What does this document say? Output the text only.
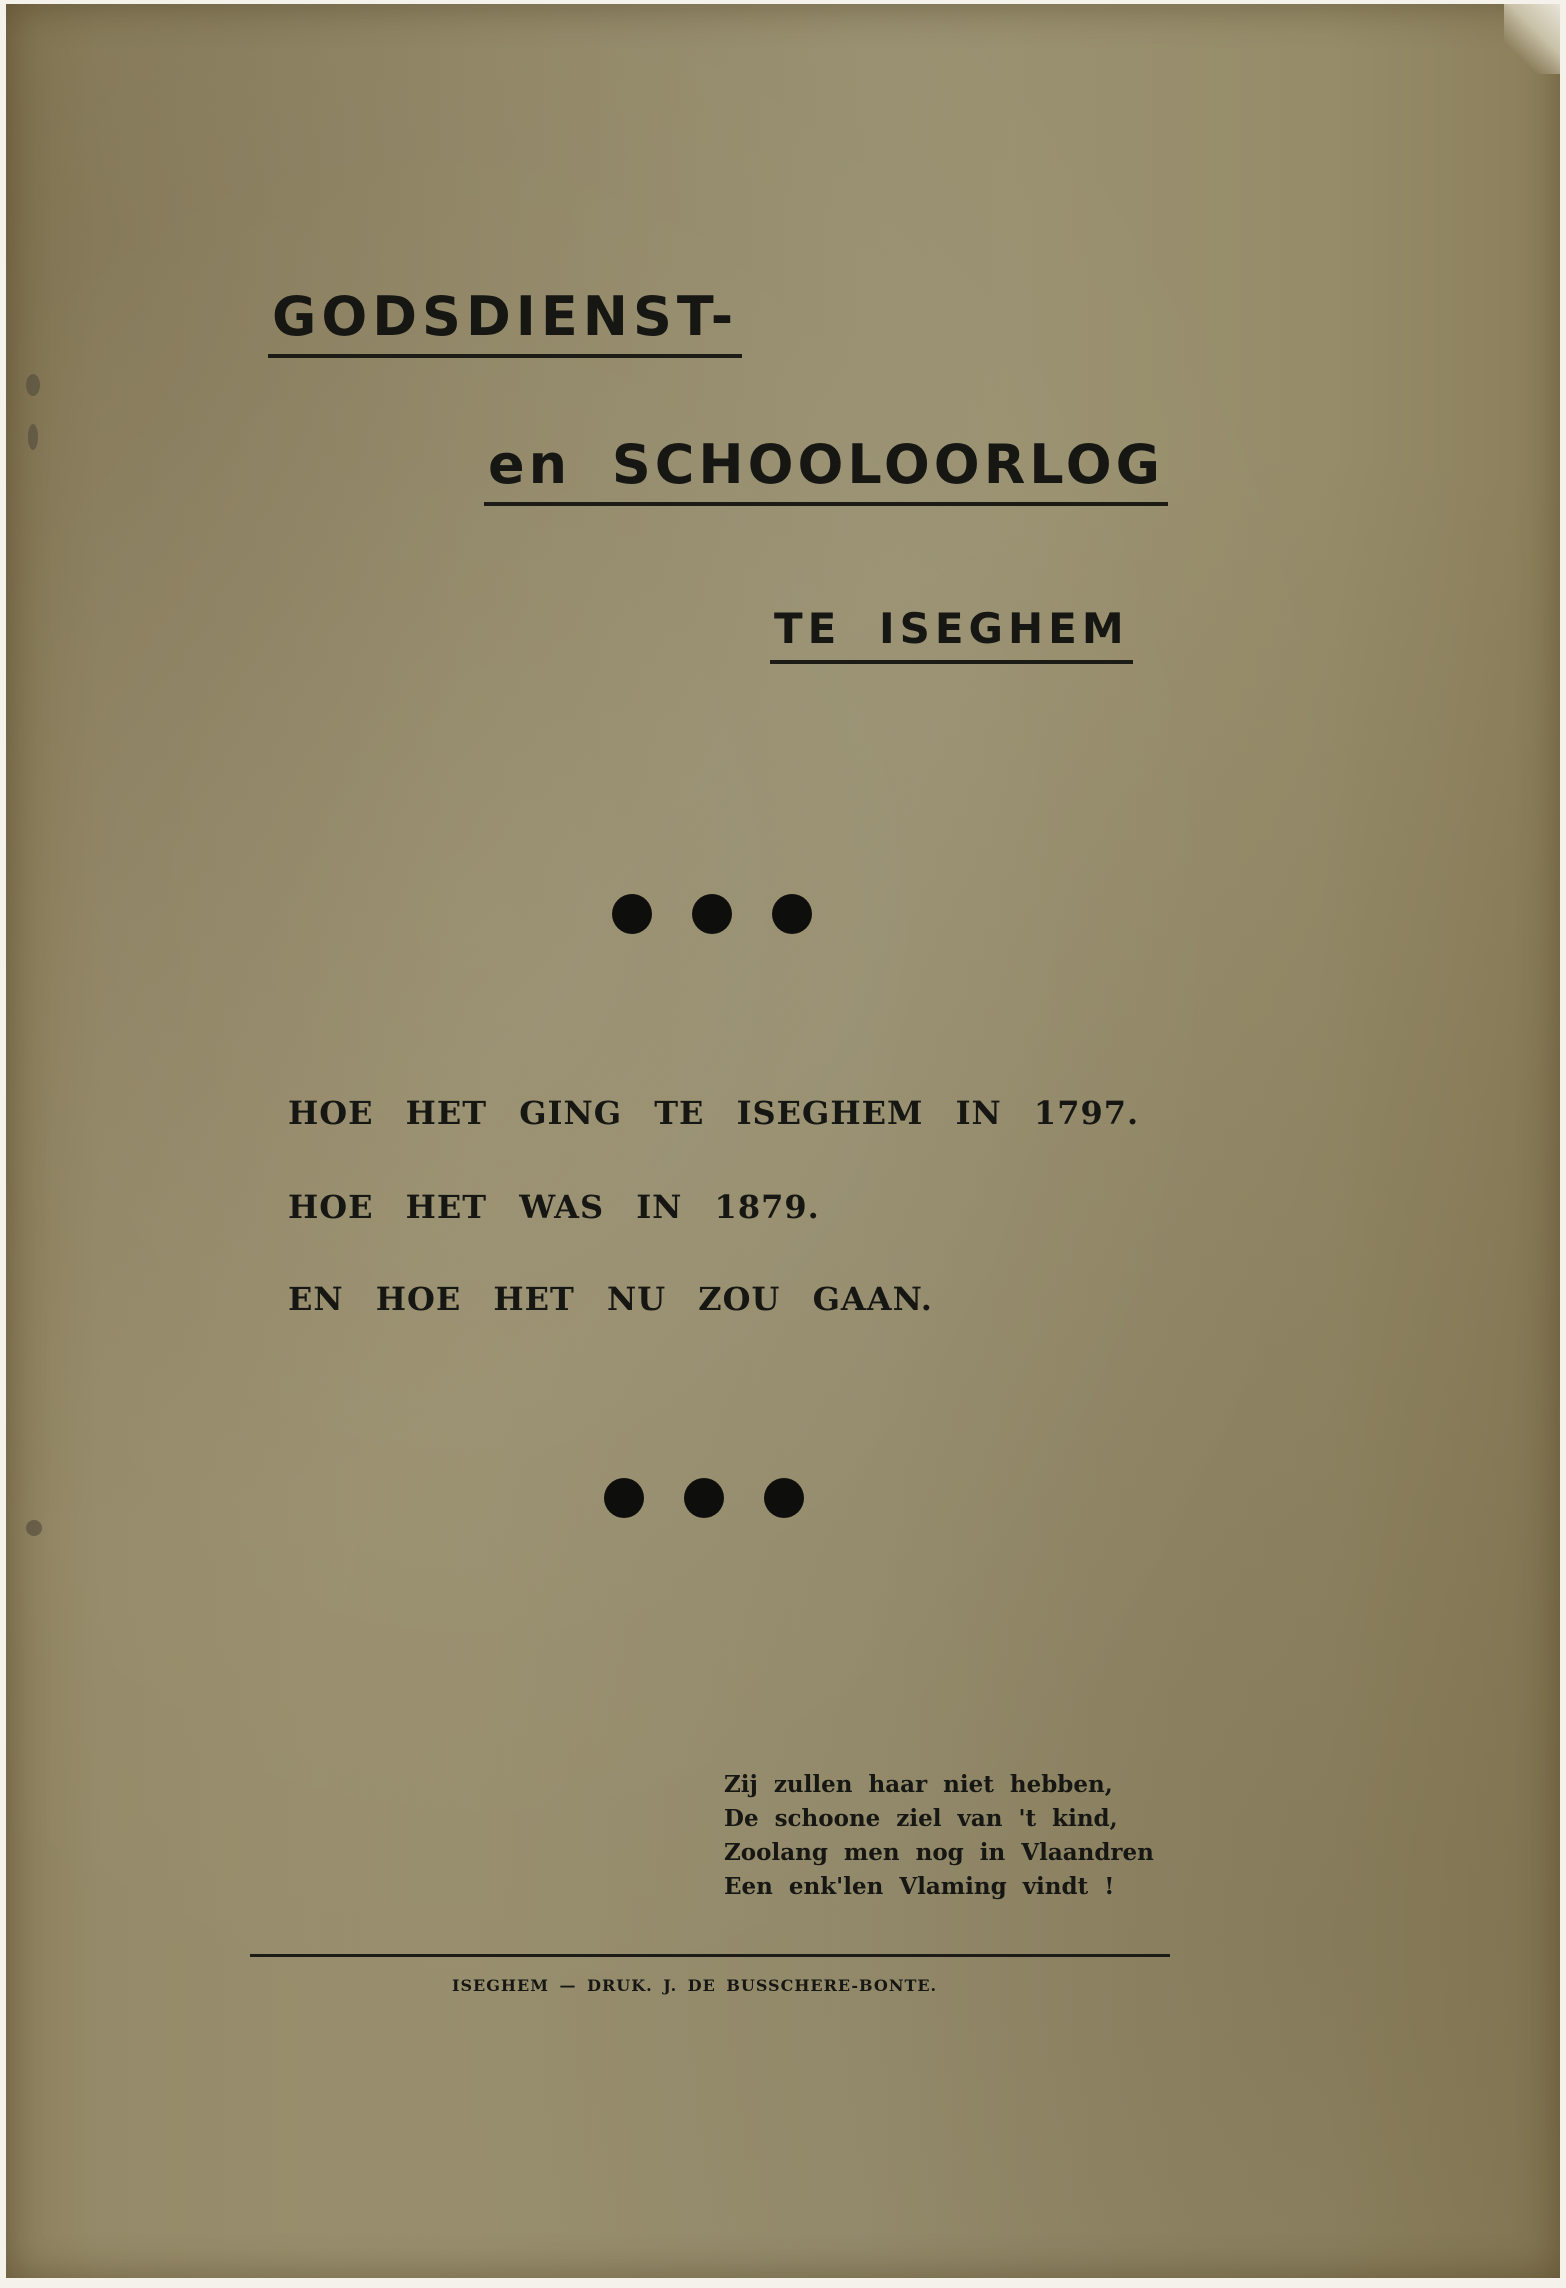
GODSDIENST-
en SCHOOLOORLOG
TE ISEGHEM
HOE HET GING TE ISEGHEM IN 1797.
HOE HET WAS IN 1879.
EN HOE HET NU ZOU GAAN.
Zij zullen haar niet hebben,
De schoone ziel van 't kind,
Zoolang men nog in Vlaandren
Een enk'len Vlaming vindt !
ISEGHEM — DRUK. J. DE BUSSCHERE-BONTE.
